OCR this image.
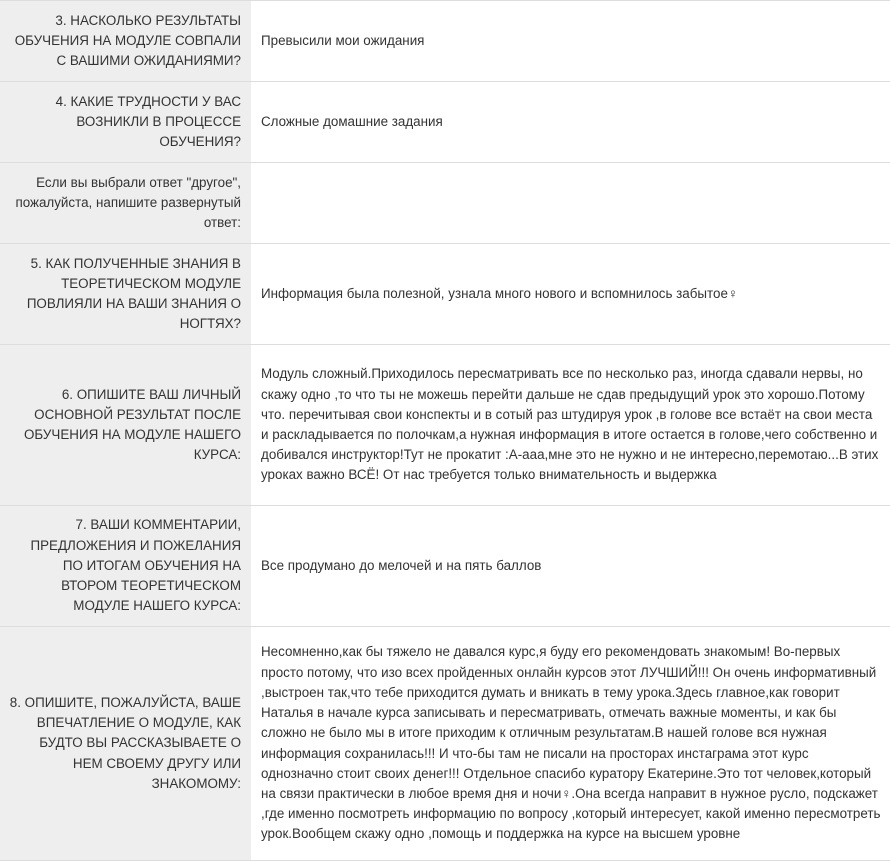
3. НАСКОЛЬКО РЕЗУЛЬТАТЫ ОБУЧЕНИЯ НА МОДУЛЕ СОВПАЛИ С ВАШИМИ ОЖИДАНИЯМИ?	Превысили мои ожидания
4. КАКИЕ ТРУДНОСТИ У ВАС ВОЗНИКЛИ В ПРОЦЕССЕ ОБУЧЕНИЯ?	Сложные домашние задания
Если вы выбрали ответ "другое", пожалуйста, напишите развернутый ответ:	
5. КАК ПОЛУЧЕННЫЕ ЗНАНИЯ В ТЕОРЕТИЧЕСКОМ МОДУЛЕ ПОВЛИЯЛИ НА ВАШИ ЗНАНИЯ О НОГТЯХ?	Информация была полезной, узнала много нового и вспомнилось забытое♀
6. ОПИШИТЕ ВАШ ЛИЧНЫЙ ОСНОВНОЙ РЕЗУЛЬТАТ ПОСЛЕ ОБУЧЕНИЯ НА МОДУЛЕ НАШЕГО КУРСА:	Модуль сложный.Приходилось пересматривать все по несколько раз, иногда сдавали нервы, но скажу одно ,то что ты не можешь перейти дальше не сдав предыдущий урок это хорошо.Потому что. перечитывая свои конспекты и в сотый раз штудируя урок ,в голове все встаёт на свои места и раскладывается по полочкам,а нужная информация в итоге остается в голове,чего собственно и добивался инструктор!Тут не прокатит :А-ааа,мне это не нужно и не интересно,перемотаю...В этих уроках важно ВСЁ! От нас требуется только внимательность и выдержка
7. ВАШИ КОММЕНТАРИИ, ПРЕДЛОЖЕНИЯ И ПОЖЕЛАНИЯ ПО ИТОГАМ ОБУЧЕНИЯ НА ВТОРОМ ТЕОРЕТИЧЕСКОМ МОДУЛЕ НАШЕГО КУРСА:	Все продумано до мелочей и на пять баллов
8. ОПИШИТЕ, ПОЖАЛУЙСТА, ВАШЕ ВПЕЧАТЛЕНИЕ О МОДУЛЕ, КАК БУДТО ВЫ РАССКАЗЫВАЕТЕ О НЕМ СВОЕМУ ДРУГУ ИЛИ ЗНАКОМОМУ:	Несомненно,как бы тяжело не давался курс,я буду его рекомендовать знакомым! Во-первых просто потому, что изо всех пройденных онлайн курсов этот ЛУЧШИЙ!!! Он очень информативный ,выстроен так,что тебе приходится думать и вникать в тему урока.Здесь главное,как говорит Наталья в начале курса записывать и пересматривать, отмечать важные моменты, и как бы сложно не было мы в итоге приходим к отличным результатам.В нашей голове вся нужная информация сохранилась!!! И что-бы там не писали на просторах инстаграма этот курс однозначно стоит своих денег!!! Отдельное спасибо куратору Екатерине.Это тот человек,который на связи практически в любое время дня и ночи♀.Она всегда направит в нужное русло, подскажет ,где именно посмотреть информацию по вопросу ,который интересует, какой именно пересмотреть урок.Вообщем скажу одно ,помощь и поддержка на курсе на высшем уровне
